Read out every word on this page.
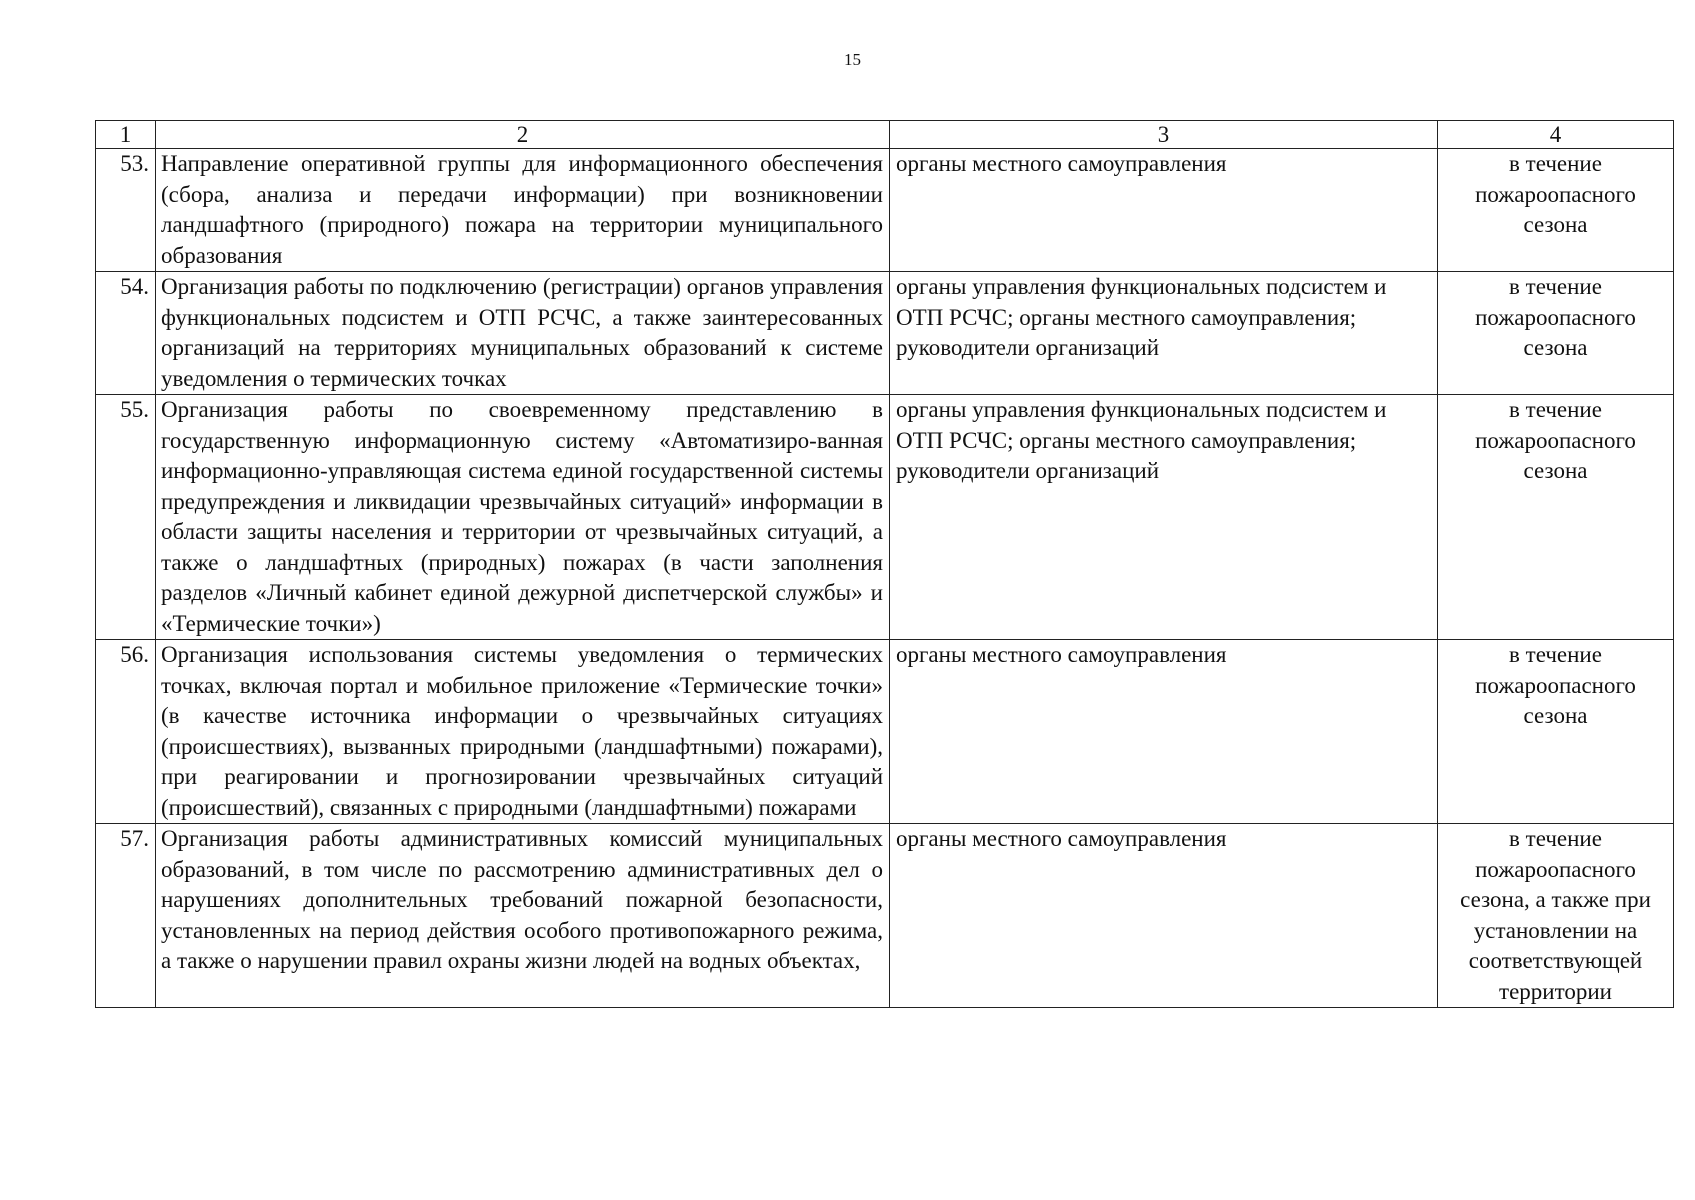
15
1	2	3	4
53.	Направление оперативной группы для информационного обеспечения (сбора, анализа и передачи информации) при возникновении ландшафтного (природного) пожара на территории муниципального образования	органы местного самоуправления	в течение пожароопасного сезона
54.	Организация работы по подключению (регистрации) органов управления функциональных подсистем и ОТП РСЧС, а также заинтересованных организаций на территориях муниципальных образований к системе уведомления о термических точках	органы управления функциональных подсистем и ОТП РСЧС; органы местного самоуправления; руководители организаций	в течение пожароопасного сезона
55.	Организация работы по своевременному представлению в государственную информационную систему «Автоматизиро-ванная информационно-управляющая система единой государственной системы предупреждения и ликвидации чрезвычайных ситуаций» информации в области защиты населения и территории от чрезвычайных ситуаций, а также о ландшафтных (природных) пожарах (в части заполнения разделов «Личный кабинет единой дежурной диспетчерской службы» и «Термические точки»)	органы управления функциональных подсистем и ОТП РСЧС; органы местного самоуправления; руководители организаций	в течение пожароопасного сезона
56.	Организация использования системы уведомления о термических точках, включая портал и мобильное приложение «Термические точки» (в качестве источника информации о чрезвычайных ситуациях (происшествиях), вызванных природными (ландшафтными) пожарами), при реагировании и прогнозировании чрезвычайных ситуаций (происшествий), связанных с природными (ландшафтными) пожарами	органы местного самоуправления	в течение пожароопасного сезона
57.	Организация работы административных комиссий муниципальных образований, в том числе по рассмотрению административных дел о нарушениях дополнительных требований пожарной безопасности, установленных на период действия особого противопожарного режима, а также о нарушении правил охраны жизни людей на водных объектах,	органы местного самоуправления	в течение пожароопасного сезона, а также при установлении на соответствующей территории
